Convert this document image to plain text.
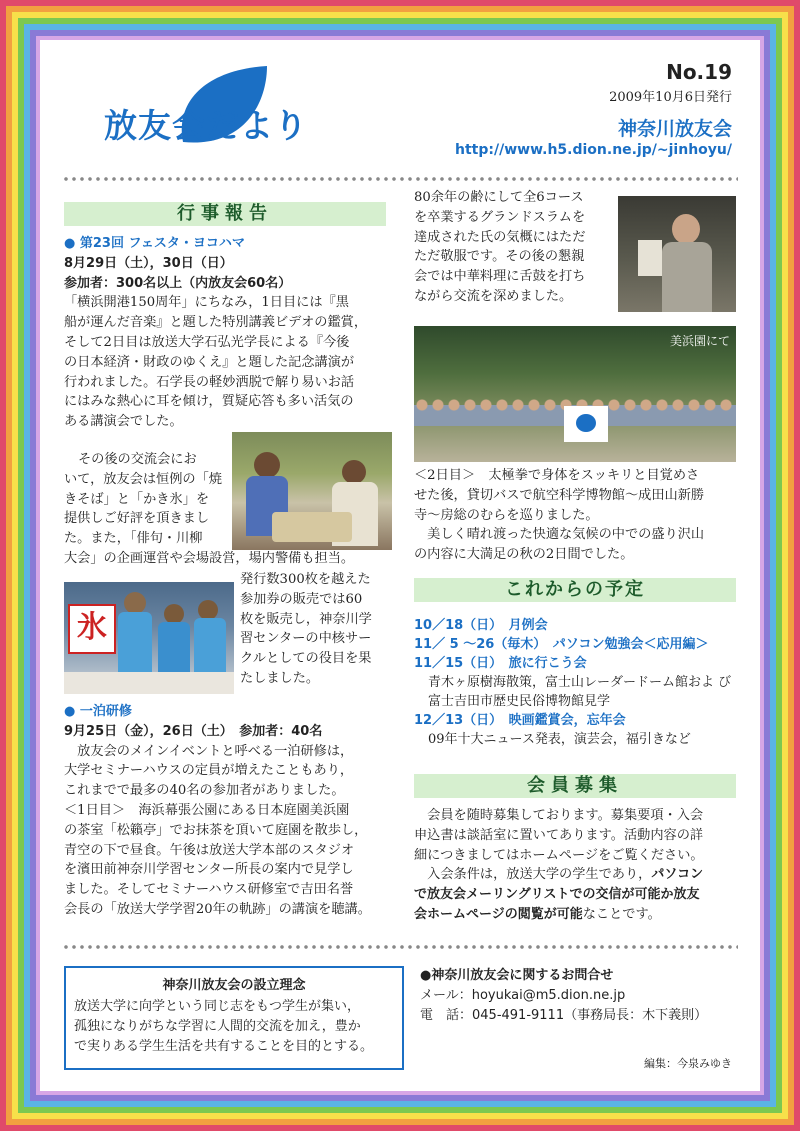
放友会だより
No.19
2009年10月6日発行
神奈川放友会
http://www.h5.dion.ne.jp/~jinhoyu/
行事報告
● 第23回 フェスタ・ヨコハマ
8月29日（土），30日（日）
参加者：300名以上（内放友会60名）
「横浜開港150周年」にちなみ，1日目には『黒
船が運んだ音楽』と題した特別講義ビデオの鑑賞，
そして2日目は放送大学石弘光学長による『今後
の日本経済・財政のゆくえ』と題した記念講演が
行われました。石学長の軽妙洒脱で解り易いお話
にはみな熱心に耳を傾け，質疑応答も多い活気の
ある講演会でした。
その後の交流会にお
いて，放友会は恒例の「焼
きそば」と「かき氷」を
提供しご好評を頂きまし
た。また，「俳句・川柳
大会」の企画運営や会場設営，場内警備も担当。
氷
発行数300枚を越えた
参加券の販売では60
枚を販売し，神奈川学
習センターの中核サー
クルとしての役目を果
たしました。
● 一泊研修
9月25日（金），26日（土）　参加者：40名
　放友会のメインイベントと呼べる一泊研修は，
大学セミナーハウスの定員が増えたこともあり，
これまでで最多の40名の参加者がありました。
＜1日目＞　海浜幕張公園にある日本庭園美浜園
の茶室「松籟亭」でお抹茶を頂いて庭園を散歩し，
青空の下で昼食。午後は放送大学本部のスタジオ
を濱田前神奈川学習センター所長の案内で見学し
ました。そしてセミナーハウス研修室で吉田名誉
会長の「放送大学学習20年の軌跡」の講演を聴講。
80余年の齢にして全6コース
を卒業するグランドスラムを
達成された氏の気概にはただ
ただ敬服です。その後の懇親
会では中華料理に舌鼓を打ち
ながら交流を深めました。
美浜園にて
＜2日目＞　太極拳で身体をスッキリと目覚めさ
せた後，貸切バスで航空科学博物館～成田山新勝
寺～房総のむらを巡りました。
　美しく晴れ渡った快適な気候の中での盛り沢山
の内容に大満足の秋の2日間でした。
これからの予定
10／18（日）　月例会
11／ 5 ～26（毎木）　パソコン勉強会＜応用編＞
11／15（日）　旅に行こう会
青木ヶ原樹海散策，富士山レーダードーム館およ び富士吉田市歴史民俗博物館見学
12／13（日）　映画鑑賞会，忘年会
09年十大ニュース発表，演芸会，福引きなど
会員募集
　会員を随時募集しております。募集要項・入会
申込書は談話室に置いてあります。活動内容の詳
細につきましてはホームページをご覧ください。
　入会条件は，放送大学の学生であり，パソコン
で放友会メーリングリストでの交信が可能か放友
会ホームページの閲覧が可能なことです。
神奈川放友会の設立理念
放送大学に向学という同じ志をもつ学生が集い，
孤独になりがちな学習に人間的交流を加え，豊か
で実りある学生生活を共有することを目的とする。
●神奈川放友会に関するお問合せ
メール：hoyukai@m5.dion.ne.jp
電　話：045-491-9111（事務局長：木下義則）
編集：今泉みゆき
